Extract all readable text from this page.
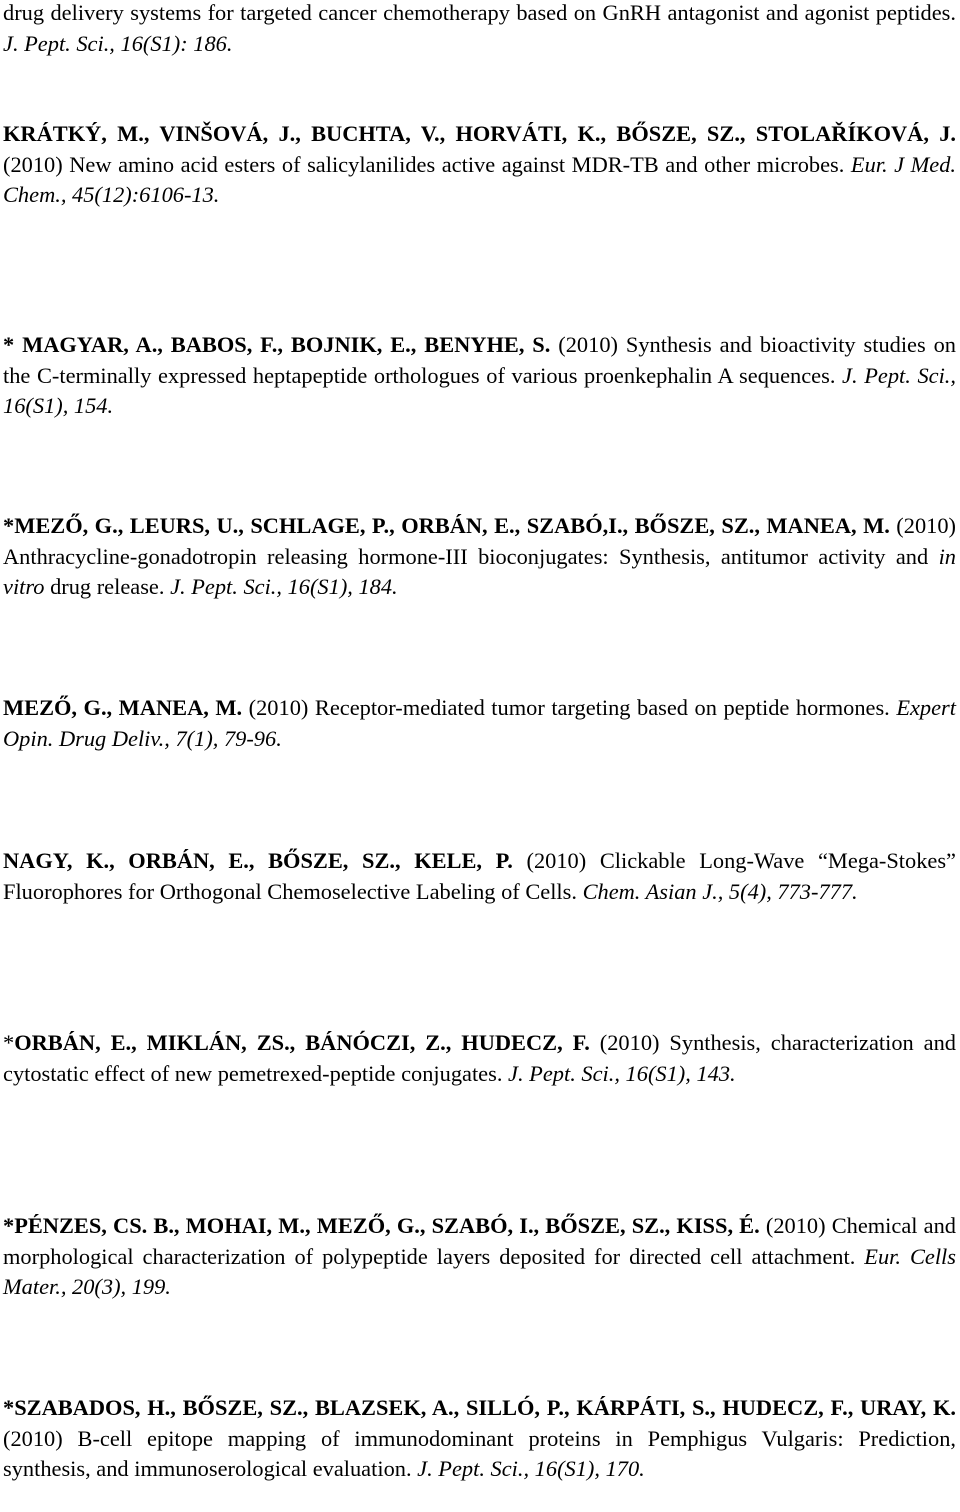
drug delivery systems for targeted cancer chemotherapy based on GnRH antagonist and agonist peptides. J. Pept. Sci., 16(S1): 186.

KRÁTKÝ, M., VINŠOVÁ, J., BUCHTA, V., HORVÁTI, K., BŐSZE, SZ., STOLAŘÍKOVÁ, J. (2010) New amino acid esters of salicylanilides active against MDR-TB and other microbes. Eur. J Med. Chem., 45(12):6106-13.

* MAGYAR, A., BABOS, F., BOJNIK, E., BENYHE, S. (2010) Synthesis and bioactivity studies on the C-terminally expressed heptapeptide orthologues of various proenkephalin A sequences. J. Pept. Sci., 16(S1), 154.

*MEZŐ, G., LEURS, U., SCHLAGE, P., ORBÁN, E., SZABÓ,I., BŐSZE, SZ., MANEA, M. (2010) Anthracycline-gonadotropin releasing hormone-III bioconjugates: Synthesis, antitumor activity and in vitro drug release. J. Pept. Sci., 16(S1), 184.

MEZŐ, G., MANEA, M. (2010) Receptor-mediated tumor targeting based on peptide hormones. Expert Opin. Drug Deliv., 7(1), 79-96.

NAGY, K., ORBÁN, E., BŐSZE, SZ., KELE, P. (2010) Clickable Long-Wave “Mega-Stokes” Fluorophores for Orthogonal Chemoselective Labeling of Cells. Chem. Asian J., 5(4), 773-777.

*ORBÁN, E., MIKLÁN, ZS., BÁNÓCZI, Z., HUDECZ, F. (2010) Synthesis, characterization and cytostatic effect of new pemetrexed-peptide conjugates. J. Pept. Sci., 16(S1), 143.

*PÉNZES, CS. B., MOHAI, M., MEZŐ, G., SZABÓ, I., BŐSZE, SZ., KISS, É. (2010) Chemical and morphological characterization of polypeptide layers deposited for directed cell attachment. Eur. Cells Mater., 20(3), 199.

*SZABADOS, H., BŐSZE, SZ., BLAZSEK, A., SILLÓ, P., KÁRPÁTI, S., HUDECZ, F., URAY, K. (2010) B-cell epitope mapping of immunodominant proteins in Pemphigus Vulgaris: Prediction, synthesis, and immunoserological evaluation. J. Pept. Sci., 16(S1), 170.
